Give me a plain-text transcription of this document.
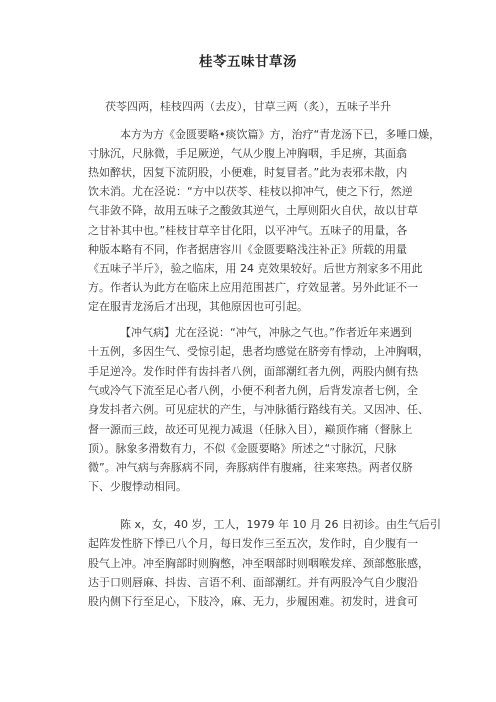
桂苓五味甘草汤
茯苓四两，桂枝四两（去皮），甘草三两（炙），五味子半升
本方为方《金匮要略•痰饮篇》方，治疗“青龙汤下已，多唾口燥，
寸脉沉，尺脉微，手足厥逆，气从少腹上冲胸咽，手足痹，其面翕
热如醉状，因复下流阴股，小便难，时复冒者。”此为表邪未散，内
饮未消。尤在泾说：“方中以茯苓、桂枝以抑冲气，使之下行，然逆
气非敛不降，故用五味子之酸敛其逆气，土厚则阳火自伏，故以甘草
之甘补其中也。”桂枝甘草辛甘化阳，以平冲气。五味子的用量，各
种版本略有不同，作者据唐容川《金匮要略浅注补正》所载的用量
《五味子半斤》，验之临床，用 24 克效果较好。后世方剂家多不用此
方。作者认为此方在临床上应用范围甚广，疗效显著。另外此证不一
定在服青龙汤后才出现，其他原因也可引起。
【冲气病】尤在泾说：“冲气，冲脉之气也。”作者近年来遇到
十五例，多因生气、受惊引起，患者均感觉在脐旁有悸动，上冲胸咽，
手足逆冷。发作时伴有齿抖者八例，面部潮红者九例，两股内侧有热
气或冷气下流至足心者八例，小便不利者九例，后背发凉者七例，全
身发抖者六例。可见症状的产生，与冲脉循行路线有关。又因冲、任、
督一源而三歧，故还可见视力减退（任脉入目），巅顶作痛（督脉上
顶）。脉象多滑数有力，不似《金匮要略》所述之“寸脉沉，尺脉
微”。冲气病与奔豚病不同，奔豚病伴有腹痛，往来寒热。两者仅脐
下、少腹悸动相同。
陈 x，女，40 岁，工人，1979 年 10 月 26 日初诊。由生气后引
起阵发性脐下悸已八个月，每日发作三至五次，发作时，自少腹有一
股气上冲。冲至胸部时则胸憋，冲至咽部时则咽喉发痒、颈部憋胀感，
达于口则唇麻、抖齿、言语不利、面部潮红。并有两股冷气自少腹沿
股内侧下行至足心，下肢冷，麻、无力，步履困难。初发时，进食可
